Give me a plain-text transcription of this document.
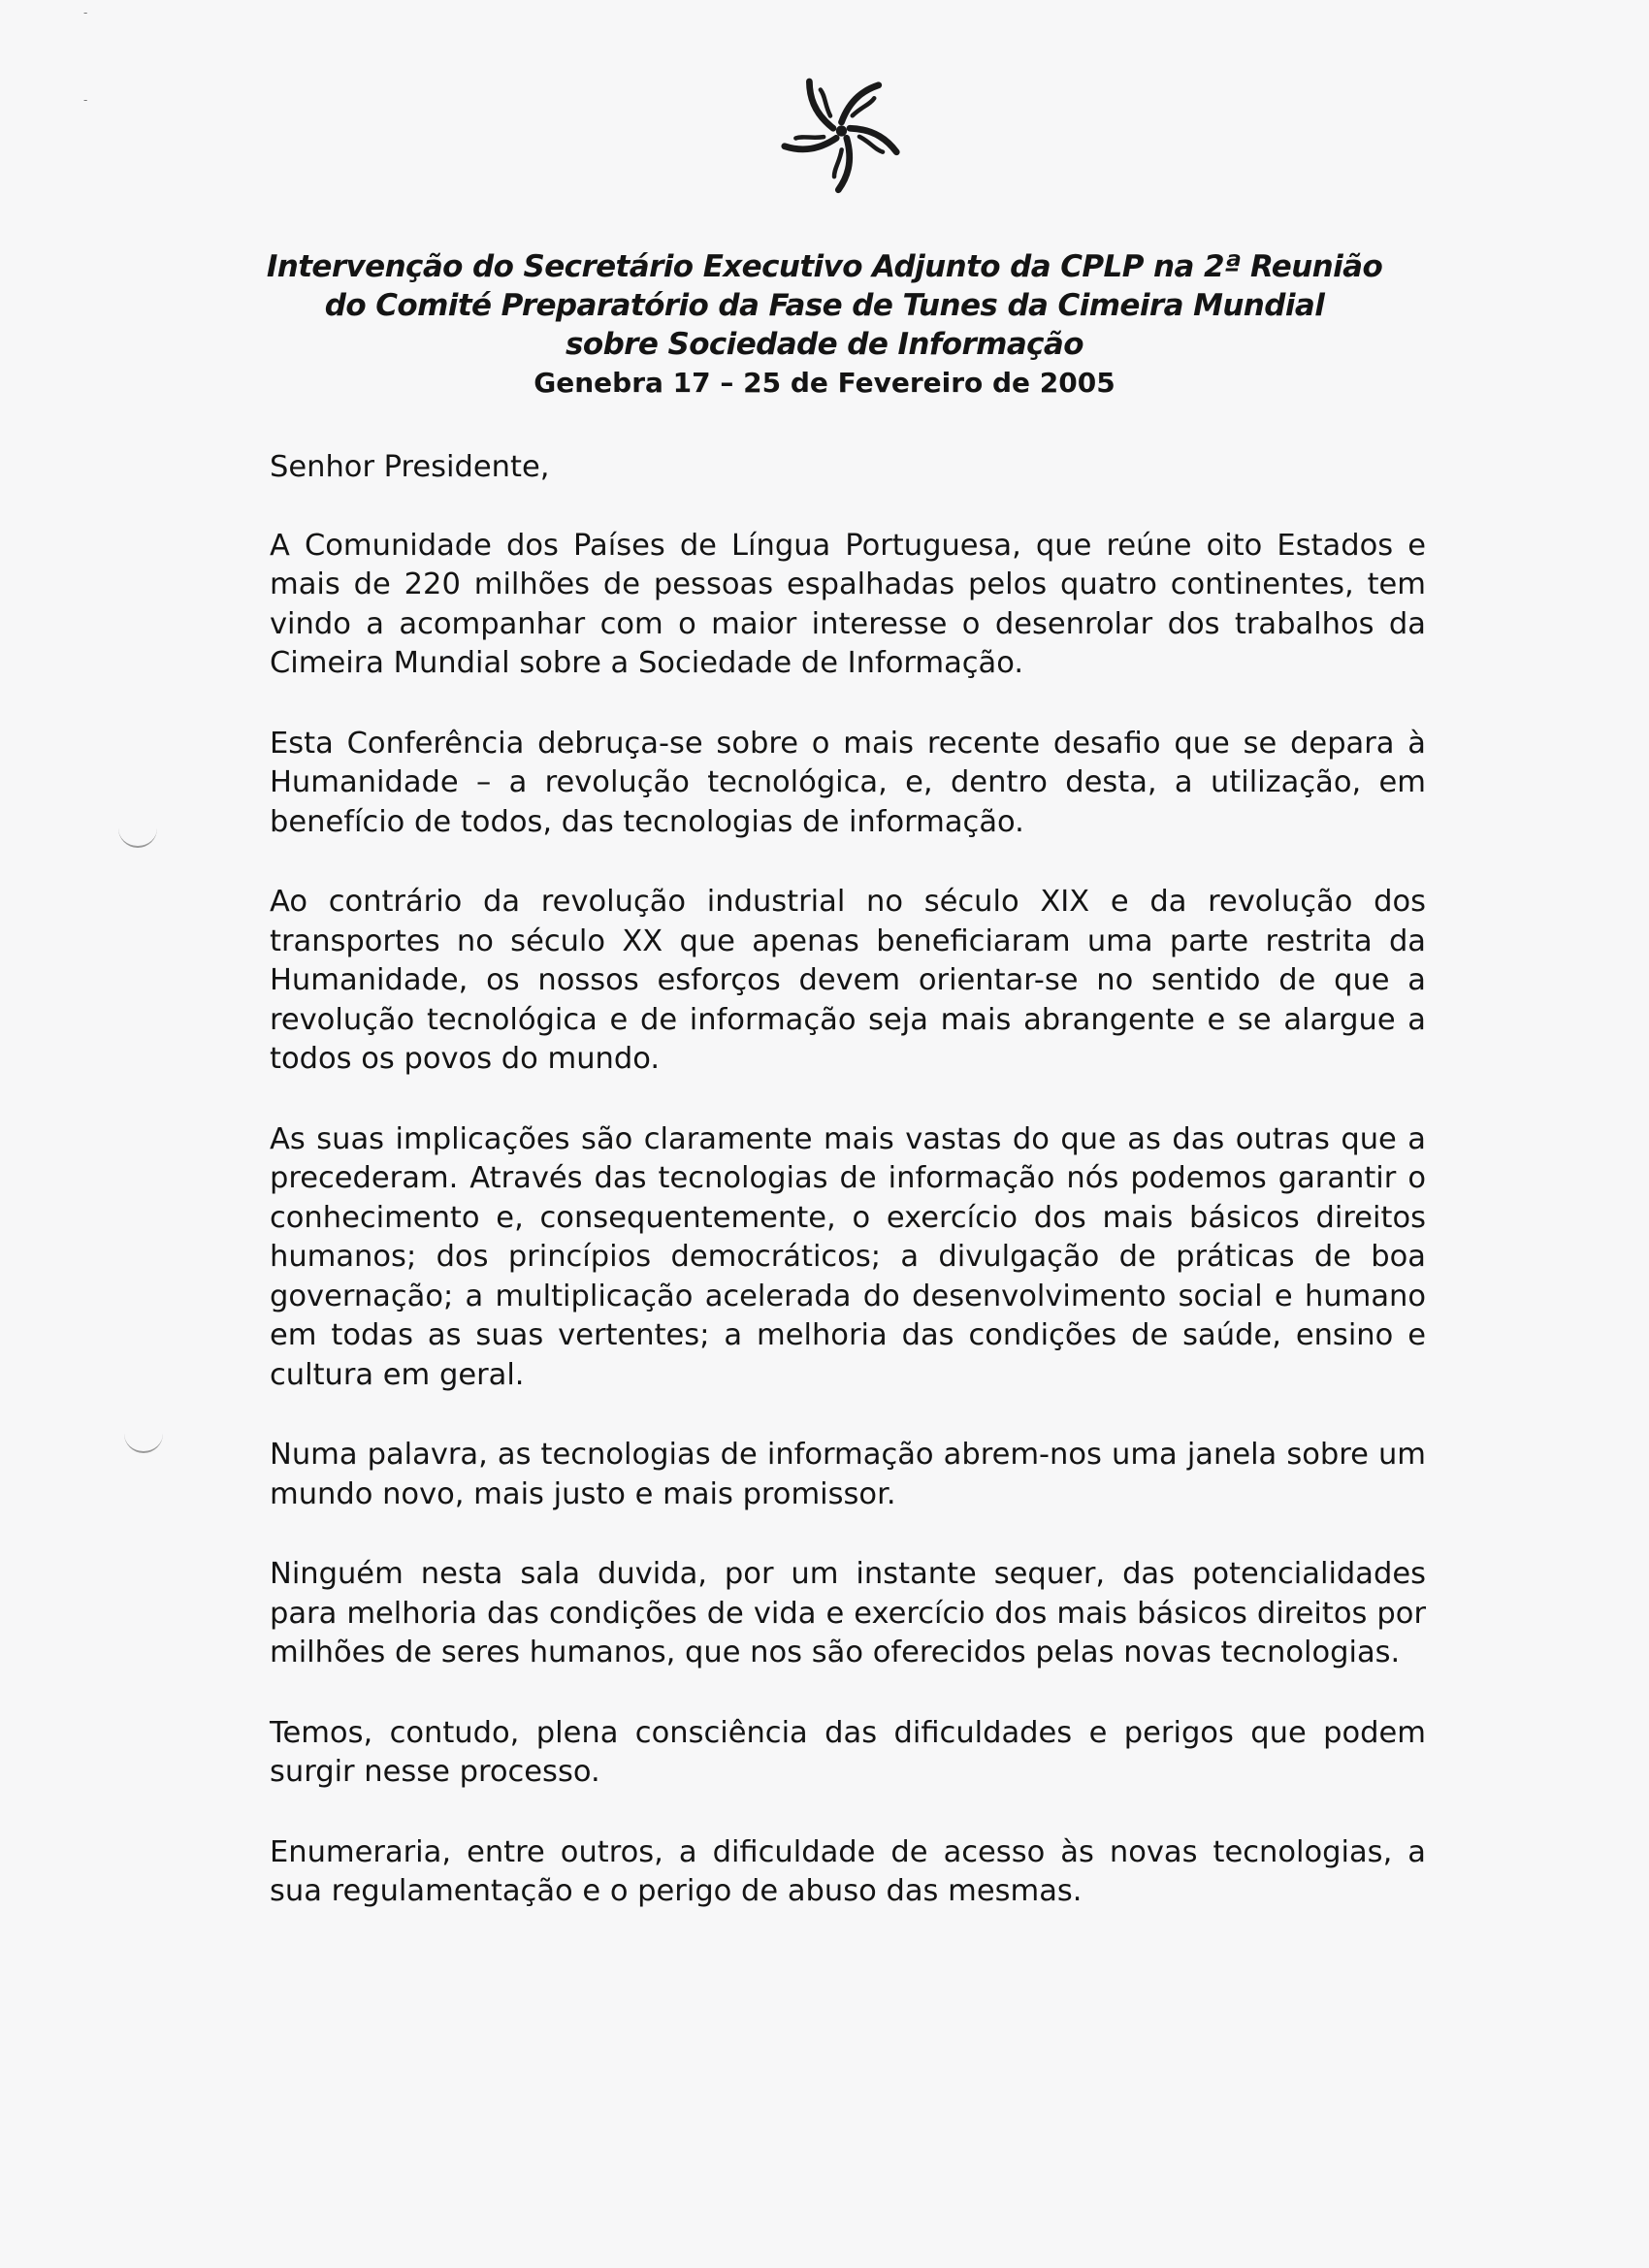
-
-

Intervenção do Secretário Executivo Adjunto da CPLP na 2ª Reunião

do Comité Preparatório da Fase de Tunes da Cimeira Mundial

sobre Sociedade de Informação

Genebra 17 – 25 de Fevereiro de 2005

Senhor Presidente,

A Comunidade dos Países de Língua Portuguesa, que reúne oito Estados e mais de 220 milhões de pessoas espalhadas pelos quatro continentes, tem vindo a acompanhar com o maior interesse o desenrolar dos trabalhos da Cimeira Mundial sobre a Sociedade de Informação.

Esta Conferência debruça-se sobre o mais recente desafio que se depara à Humanidade – a revolução tecnológica, e, dentro desta, a utilização, em benefício de todos, das tecnologias de informação.

Ao contrário da revolução industrial no século XIX e da revolução dos transportes no século XX que apenas beneficiaram uma parte restrita da Humanidade, os nossos esforços devem orientar-se no sentido de que a revolução tecnológica e de informação seja mais abrangente e se alargue a todos os povos do mundo.

As suas implicações são claramente mais vastas do que as das outras que a precederam. Através das tecnologias de informação nós podemos garantir o conhecimento e, consequentemente, o exercício dos mais básicos direitos humanos; dos princípios democráticos; a divulgação de práticas de boa governação; a multiplicação acelerada do desenvolvimento social e humano em todas as suas vertentes; a melhoria das condições de saúde, ensino e cultura em geral.

Numa palavra, as tecnologias de informação abrem-nos uma janela sobre um mundo novo, mais justo e mais promissor.

Ninguém nesta sala duvida, por um instante sequer, das potencialidades para melhoria das condições de vida e exercício dos mais básicos direitos por milhões de seres humanos, que nos são oferecidos pelas novas tecnologias.

Temos, contudo, plena consciência das dificuldades e perigos que podem surgir nesse processo.

Enumeraria, entre outros, a dificuldade de acesso às novas tecnologias, a sua regulamentação e o perigo de abuso das mesmas.
